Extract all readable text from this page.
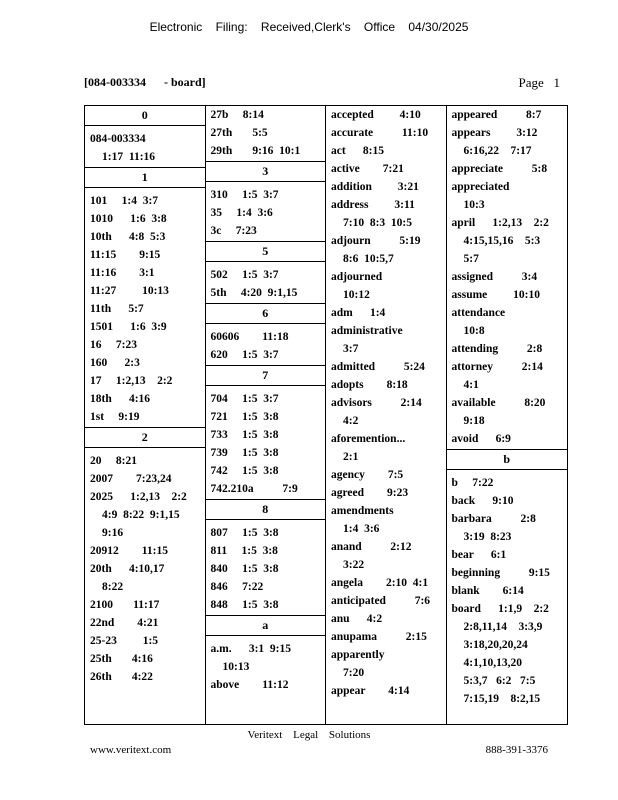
Electronic Filing: Received,Clerk's Office 04/30/2025
[084-003334      - board]	Page 1
0
084-003334
1:17  11:16
1
101     1:4  3:7
1010      1:6  3:8
10th      4:8  5:3
11:15        9:15
11:16        3:1
11:27         10:13
11th      5:7
1501      1:6  3:9
16     7:23
160      2:3
17     1:2,13    2:2
18th      4:16
1st     9:19
2
20     8:21
2007        7:23,24
2025      1:2,13    2:2
4:9  8:22  9:1,15
9:16
20912        11:15
20th      4:10,17
8:22
2100       11:17
22nd        4:21
25-23         1:5
25th       4:16
26th       4:22
27b     8:14
27th       5:5
29th       9:16  10:1
3
310     1:5  3:7
35     1:4  3:6
3c     7:23
5
502     1:5  3:7
5th     4:20  9:1,15
6
60606        11:18
620     1:5  3:7
7
704     1:5  3:7
721     1:5  3:8
733     1:5  3:8
739     1:5  3:8
742     1:5  3:8
742.210a          7:9
8
807     1:5  3:8
811     1:5  3:8
840     1:5  3:8
846     7:22
848     1:5  3:8
a
a.m.      3:1  9:15
10:13
above        11:12
accepted         4:10
accurate          11:10
act      8:15
active        7:21
addition         3:21
address         3:11
7:10  8:3  10:5
adjourn          5:19
8:6  10:5,7
adjourned
10:12
adm      1:4
administrative
3:7
admitted          5:24
adopts        8:18
advisors          2:14
4:2
aforemention...
2:1
agency        7:5
agreed        9:23
amendments
1:4  3:6
anand          2:12
3:22
angela        2:10  4:1
anticipated          7:6
anu      4:2
anupama          2:15
apparently
7:20
appear        4:14
appeared          8:7
appears         3:12
6:16,22    7:17
appreciate          5:8
appreciated
10:3
april      1:2,13    2:2
4:15,15,16    5:3
5:7
assigned          3:4
assume         10:10
attendance
10:8
attending          2:8
attorney          2:14
4:1
available          8:20
9:18
avoid      6:9
b
b     7:22
back      9:10
barbara          2:8
3:19  8:23
bear      6:1
beginning          9:15
blank        6:14
board      1:1,9    2:2
2:8,11,14    3:3,9
3:18,20,20,24
4:1,10,13,20
5:3,7   6:2   7:5
7:15,19    8:2,15
Veritext Legal Solutions
www.veritext.com	888-391-3376
